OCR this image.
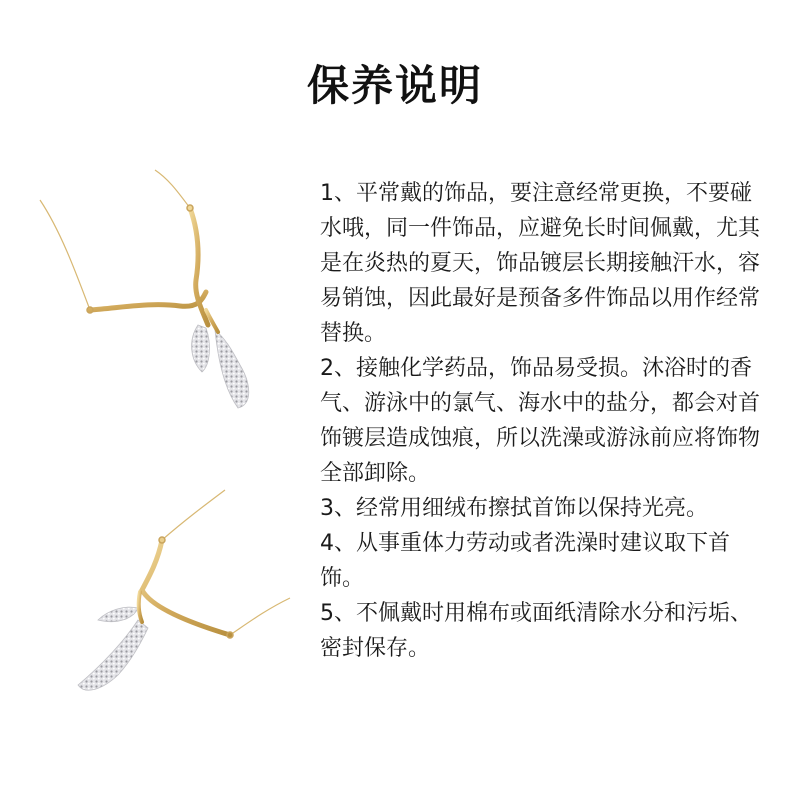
保养说明

1、平常戴的饰品，要注意经常更换，不要碰水哦，同一件饰品，应避免长时间佩戴，尤其是在炎热的夏天，饰品镀层长期接触汗水，容易销蚀，因此最好是预备多件饰品以用作经常替换。

2、接触化学药品，饰品易受损。沐浴时的香气、游泳中的氯气、海水中的盐分，都会对首饰镀层造成蚀痕，所以洗澡或游泳前应将饰物全部卸除。

3、经常用细绒布擦拭首饰以保持光亮。

4、从事重体力劳动或者洗澡时建议取下首饰。

5、不佩戴时用棉布或面纸清除水分和污垢、密封保存。
